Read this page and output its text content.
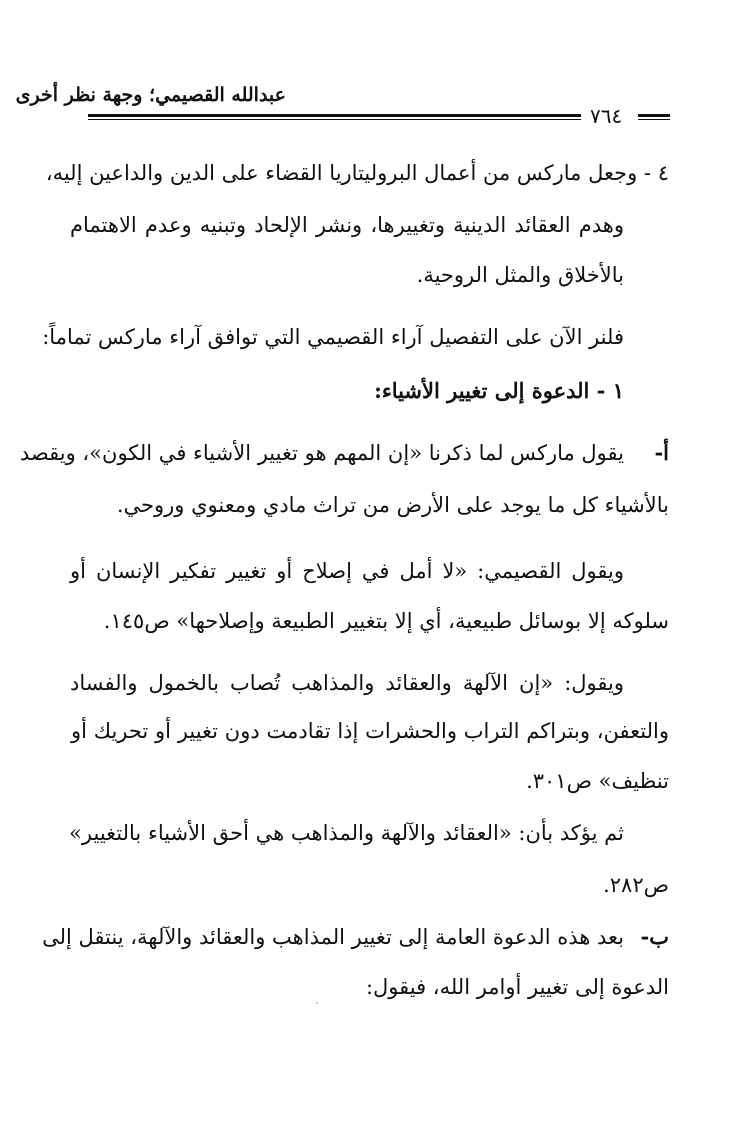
عبدالله القصيمي؛ وجهة نظر أخرى
٧٦٤
٤ - وجعل ماركس من أعمال البروليتاريا القضاء على الدين والداعين إليه،
وهدم العقائد الدينية وتغييرها، ونشر الإلحاد وتبنيه وعدم الاهتمام
بالأخلاق والمثل الروحية.
فلنر الآن على التفصيل آراء القصيمي التي توافق آراء ماركس تماماً:
١ - الدعوة إلى تغيير الأشياء:
أ-
يقول ماركس لما ذكرنا «إن المهم هو تغيير الأشياء في الكون»، ويقصد
بالأشياء كل ما يوجد على الأرض من تراث مادي ومعنوي وروحي.
ويقول القصيمي: «لا أمل في إصلاح أو تغيير تفكير الإنسان أو
سلوكه إلا بوسائل طبيعية، أي إلا بتغيير الطبيعة وإصلاحها» ص١٤٥.
ويقول: «إن الآلهة والعقائد والمذاهب تُصاب بالخمول والفساد
والتعفن، وبتراكم التراب والحشرات إذا تقادمت دون تغيير أو تحريك أو
تنظيف» ص٣٠١.
ثم يؤكد بأن: «العقائد والآلهة والمذاهب هي أحق الأشياء بالتغيير»
ص٢٨٢.
ب-
بعد هذه الدعوة العامة إلى تغيير المذاهب والعقائد والآلهة، ينتقل إلى
الدعوة إلى تغيير أوامر الله، فيقول:
